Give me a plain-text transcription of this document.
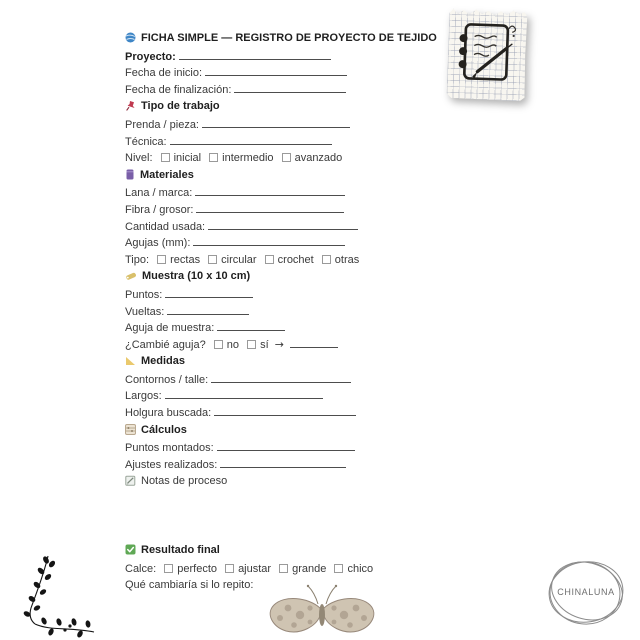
FICHA SIMPLE — REGISTRO DE PROYECTO DE TEJIDO
Proyecto:
Fecha de inicio:
Fecha de finalización:
Tipo de trabajo
Prenda / pieza:
Técnica:
Nivel: inicial intermedio avanzado
Materiales
Lana / marca:
Fibra / grosor:
Cantidad usada:
Agujas (mm):
Tipo: rectas circular crochet otras
Muestra (10 x 10 cm)
Puntos:
Vueltas:
Aguja de muestra:
¿Cambié aguja? no sí →
Medidas
Contornos / talle:
Largos:
Holgura buscada:
Cálculos
Puntos montados:
Ajustes realizados:
Notas de proceso
Resultado final
Calce: perfecto ajustar grande chico
Qué cambiaría si lo repito:
CHINALUNA
